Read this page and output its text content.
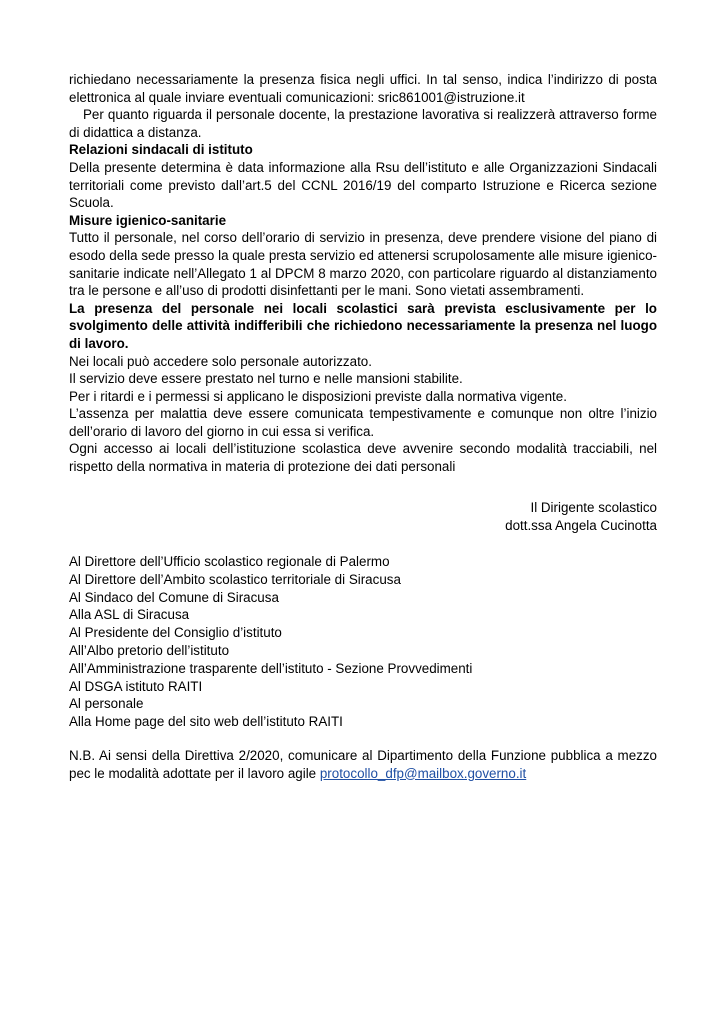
richiedano necessariamente la presenza fisica negli uffici. In tal senso, indica l’indirizzo di posta elettronica al quale inviare eventuali comunicazioni: sric861001@istruzione.it

Per quanto riguarda il personale docente, la prestazione lavorativa si realizzerà attraverso forme di didattica a distanza.

Relazioni sindacali di istituto

Della presente determina è data informazione alla Rsu dell’istituto e alle Organizzazioni Sindacali territoriali come previsto dall’art.5 del CCNL 2016/19 del comparto Istruzione e Ricerca sezione Scuola.

Misure igienico-sanitarie

Tutto il personale, nel corso dell’orario di servizio in presenza, deve prendere visione del piano di esodo della sede presso la quale presta servizio ed attenersi scrupolosamente alle misure igienico-sanitarie indicate nell’Allegato 1 al DPCM 8 marzo 2020, con particolare riguardo al distanziamento tra le persone e all’uso di prodotti disinfettanti per le mani. Sono vietati assembramenti.

La presenza del personale nei locali scolastici sarà prevista esclusivamente per lo svolgimento delle attività indifferibili che richiedono necessariamente la presenza nel luogo di lavoro.

Nei locali può accedere solo personale autorizzato.

Il servizio deve essere prestato nel turno e nelle mansioni stabilite.

Per i ritardi e i permessi si applicano le disposizioni previste dalla normativa vigente.

L’assenza per malattia deve essere comunicata tempestivamente e comunque non oltre l’inizio dell’orario di lavoro del giorno in cui essa si verifica.

Ogni accesso ai locali dell’istituzione scolastica deve avvenire secondo modalità tracciabili, nel rispetto della normativa in materia di protezione dei dati personali

Il Dirigente scolastico
dott.ssa Angela Cucinotta
Al Direttore dell’Ufficio scolastico regionale di Palermo
Al Direttore dell’Ambito scolastico territoriale di Siracusa
Al Sindaco del Comune di Siracusa
Alla ASL di Siracusa
Al Presidente del Consiglio d’istituto
All’Albo pretorio dell’istituto
All’Amministrazione trasparente dell’istituto - Sezione Provvedimenti
Al DSGA istituto RAITI
Al personale
Alla Home page del sito web dell’istituto RAITI
N.B. Ai sensi della Direttiva 2/2020, comunicare al Dipartimento della Funzione pubblica a mezzo pec le modalità adottate per il lavoro agile protocollo_dfp@mailbox.governo.it
